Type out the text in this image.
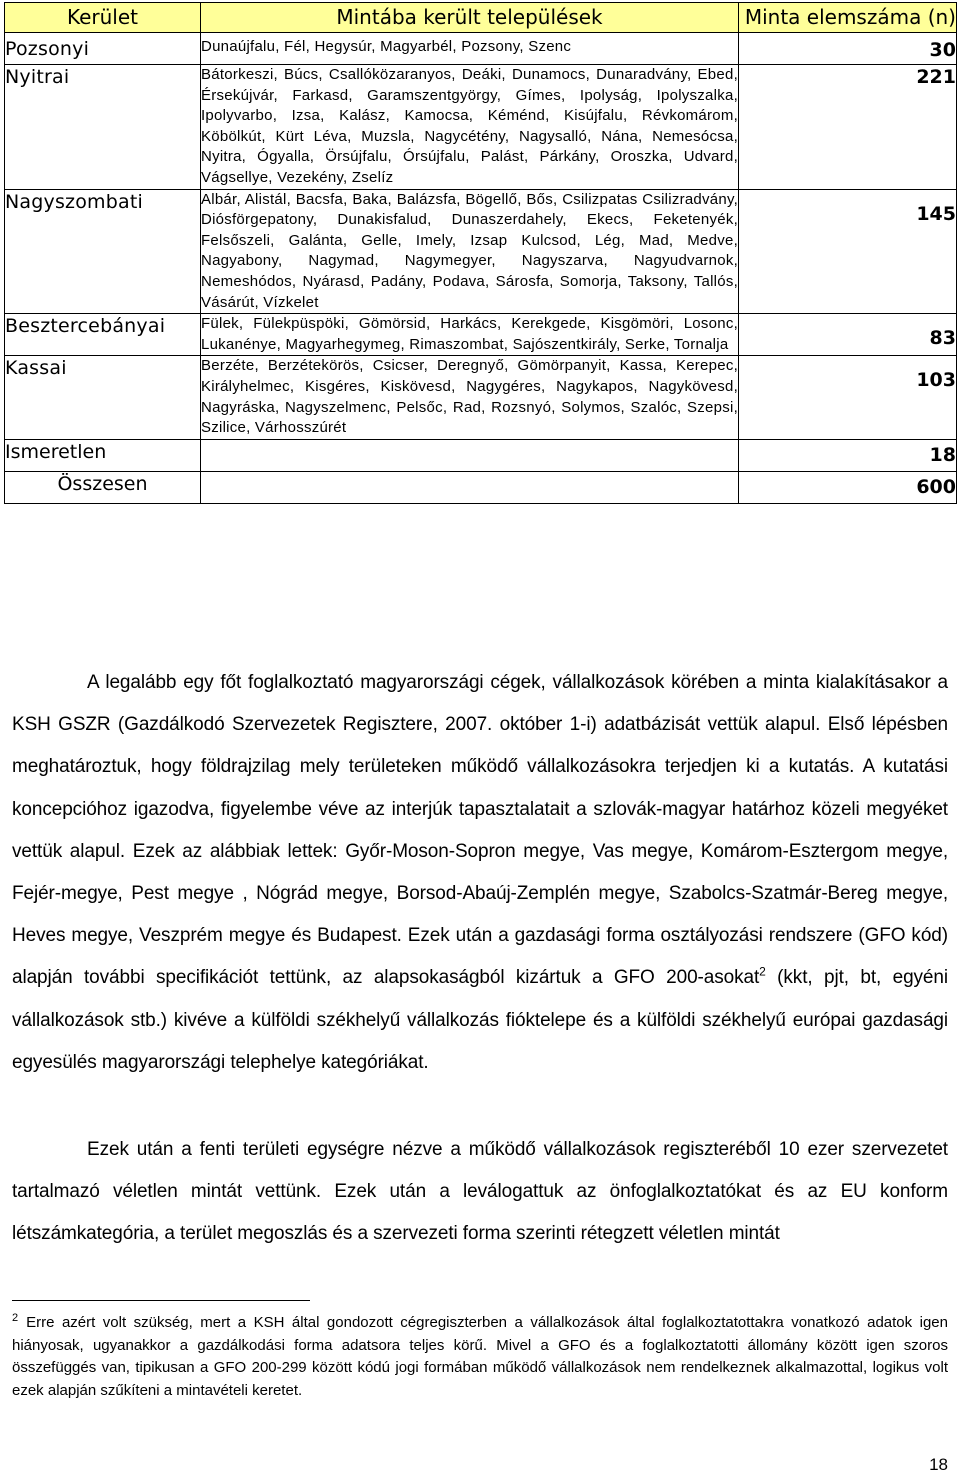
Kerület	Mintába került települések	Minta elemszáma (n)
Pozsonyi	Dunaújfalu, Fél, Hegysúr, Magyarbél, Pozsony, Szenc	30
Nyitrai	Bátorkeszi, Búcs, Csallóközaranyos, Deáki, Dunamocs, Dunaradvány, Ebed, Érsekújvár, Farkasd, Garamszentgyörgy, Gímes, Ipolyság, Ipolyszalka, Ipolyvarbo, Izsa, Kalász, Kamocsa, Kéménd, Kisújfalu, Révkomárom, Köbölkút, Kürt Léva, Muzsla, Nagycétény, Nagysalló, Nána, Nemesócsa, Nyitra, Ógyalla, Örsújfalu, Órsújfalu, Palást, Párkány, Oroszka, Udvard, Vágsellye, Vezekény, Zselíz	221
Nagyszombati	Albár, Alistál, Bacsfa, Baka, Balázsfa, Bögellő, Bős, Csilizpatas Csilizradvány, Diósförgepatony, Dunakisfalud, Dunaszerdahely, Ekecs, Feketenyék, Felsőszeli, Galánta, Gelle, Imely, Izsap Kulcsod, Lég, Mad, Medve, Nagyabony, Nagymad, Nagymegyer, Nagyszarva, Nagyudvarnok, Nemeshódos, Nyárasd, Padány, Podava, Sárosfa, Somorja, Taksony, Tallós, Vásárút, Vízkelet	145
Besztercebányai	Fülek, Fülekpüspöki, Gömörsid, Harkács, Kerekgede, Kisgömöri, Losonc, Lukanénye, Magyarhegymeg, Rimaszombat, Sajószentkirály, Serke, Tornalja	83
Kassai	Berzéte, Berzétekörös, Csicser, Deregnyő, Gömörpanyit, Kassa, Kerepec, Királyhelmec, Kisgéres, Kiskövesd, Nagygéres, Nagykapos, Nagykövesd, Nagyráska, Nagyszelmenc, Pelsőc, Rad, Rozsnyó, Solymos, Szalóc, Szepsi, Szilice, Várhosszúrét	103
Ismeretlen		18
Összesen		600

A legalább egy főt foglalkoztató magyarországi cégek, vállalkozások körében a minta kialakításakor a KSH GSZR (Gazdálkodó Szervezetek Regisztere, 2007. október 1-i) adatbázisát vettük alapul. Első lépésben meghatároztuk, hogy földrajzilag mely területeken működő vállalkozásokra terjedjen ki a kutatás. A kutatási koncepcióhoz igazodva, figyelembe véve az interjúk tapasztalatait a szlovák-magyar határhoz közeli megyéket vettük alapul. Ezek az alábbiak lettek: Győr-Moson-Sopron megye, Vas megye, Komárom-Esztergom megye, Fejér-megye, Pest megye , Nógrád megye, Borsod-Abaúj-Zemplén megye, Szabolcs-Szatmár-Bereg megye, Heves megye, Veszprém megye és Budapest. Ezek után a gazdasági forma osztályozási rendszere (GFO kód) alapján további specifikációt tettünk, az alapsokaságból kizártuk a GFO 200-asokat$^2$ (kkt, pjt, bt, egyéni vállalkozások stb.) kivéve a külföldi székhelyű vállalkozás fióktelepe és a külföldi székhelyű európai gazdasági egyesülés magyarországi telephelye kategóriákat.

Ezek után a fenti területi egységre nézve a működő vállalkozások regiszteréből 10 ezer szervezetet tartalmazó véletlen mintát vettünk. Ezek után a leválogattuk az önfoglalkoztatókat és az EU konform létszámkategória, a terület megoszlás és a szervezeti forma szerinti rétegzett véletlen mintát

$^2$ Erre azért volt szükség, mert a KSH által gondozott cégregiszterben a vállalkozások által foglalkoztatottakra vonatkozó adatok igen hiányosak, ugyanakkor a gazdálkodási forma adatsora teljes körű. Mivel a GFO és a foglalkoztatotti állomány között igen szoros összefüggés van, tipikusan a GFO 200-299 között kódú jogi formában működő vállalkozások nem rendelkeznek alkalmazottal, logikus volt ezek alapján szűkíteni a mintavételi keretet.
18
